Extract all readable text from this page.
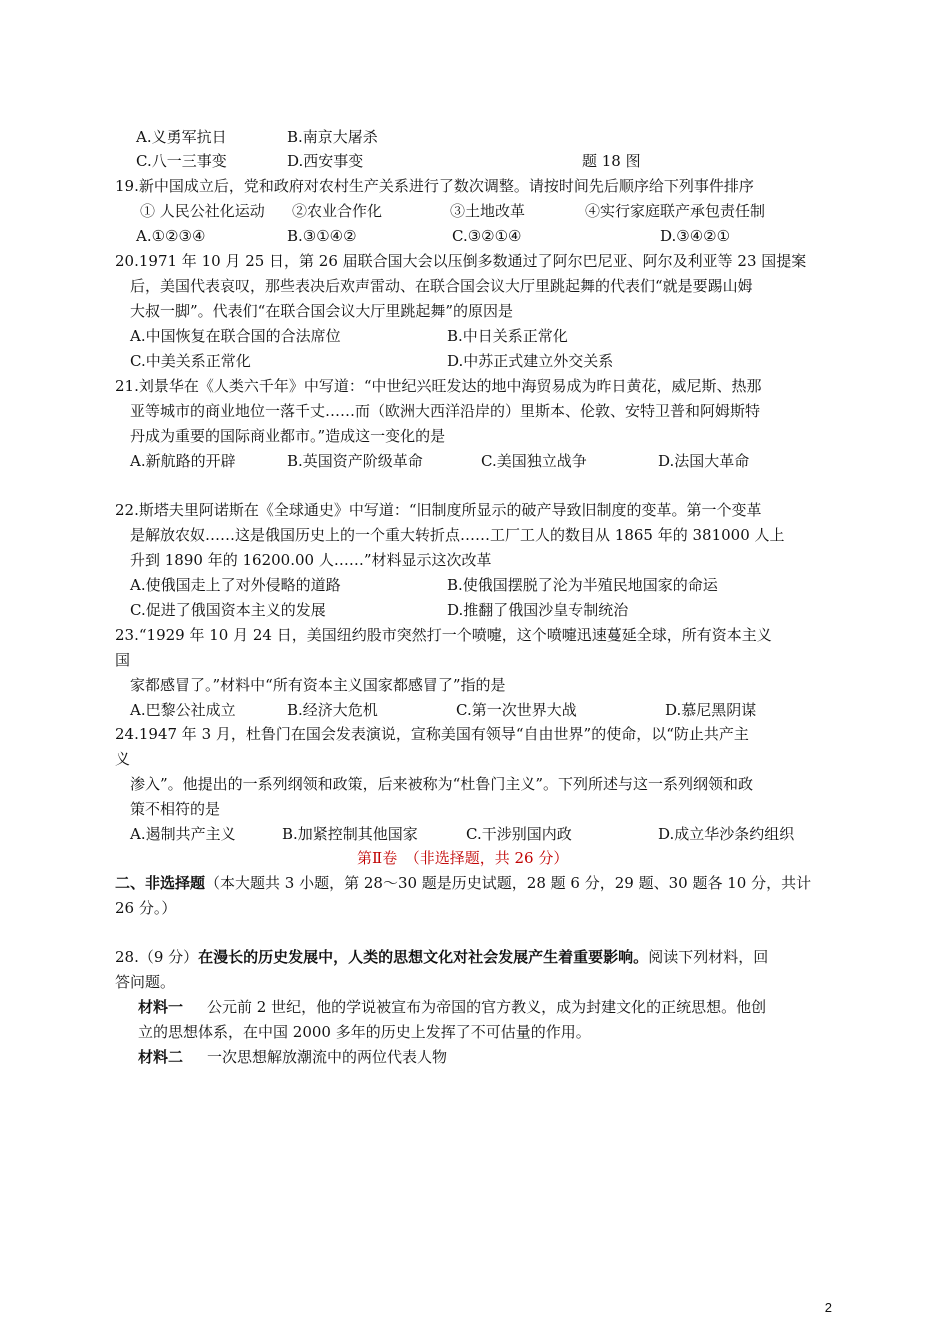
A.义勇军抗日	B.南京大屠杀
C.八一三事变	D.西安事变	题 18 图
19.新中国成立后，党和政府对农村生产关系进行了数次调整。请按时间先后顺序给下列事件排序
① 人民公社化运动 ②农业合作化	③土地改革	④实行家庭联产承包责任制
A.①②③④	B.③①④②	C.③②①④	D.③④②①
20.1971 年 10 月 25 日，第 26 届联合国大会以压倒多数通过了阿尔巴尼亚、阿尔及利亚等 23 国提案
后，美国代表哀叹，那些表决后欢声雷动、在联合国会议大厅里跳起舞的代表们“就是要踢山姆
大叔一脚”。代表们“在联合国会议大厅里跳起舞”的原因是
A.中国恢复在联合国的合法席位	B.中日关系正常化
C.中美关系正常化	D.中苏正式建立外交关系
21.刘景华在《人类六千年》中写道：“中世纪兴旺发达的地中海贸易成为昨日黄花，威尼斯、热那
亚等城市的商业地位一落千丈……而（欧洲大西洋沿岸的）里斯本、伦敦、安特卫普和阿姆斯特
丹成为重要的国际商业都市。”造成这一变化的是
A.新航路的开辟	B.英国资产阶级革命	C.美国独立战争	D.法国大革命
22.斯塔夫里阿诺斯在《全球通史》中写道：“旧制度所显示的破产导致旧制度的变革。第一个变革
是解放农奴……这是俄国历史上的一个重大转折点……工厂工人的数目从 1865 年的 381000 人上
升到 1890 年的 16200.00 人……”材料显示这次改革
A.使俄国走上了对外侵略的道路	B.使俄国摆脱了沦为半殖民地国家的命运
C.促进了俄国资本主义的发展	D.推翻了俄国沙皇专制统治
23.“1929 年 10 月 24 日，美国纽约股市突然打一个喷嚏，这个喷嚏迅速蔓延全球，所有资本主义
国
家都感冒了。”材料中“所有资本主义国家都感冒了”指的是
A.巴黎公社成立	B.经济大危机	C.第一次世界大战	D.慕尼黑阴谋
24.1947 年 3 月，杜鲁门在国会发表演说，宣称美国有领导“自由世界”的使命，以“防止共产主
义
渗入”。他提出的一系列纲领和政策，后来被称为“杜鲁门主义”。下列所述与这一系列纲领和政
策不相符的是
A.遏制共产主义	B.加紧控制其他国家	C.干涉别国内政	D.成立华沙条约组织
第Ⅱ卷　（非选择题，共 26 分）
二、非选择题（本大题共 3 小题，第 28～30 题是历史试题，28 题 6 分，29 题、30 题各 10 分，共计
26 分。）
28.（9 分）在漫长的历史发展中，人类的思想文化对社会发展产生着重要影响。阅读下列材料，回
答问题。
材料一 公元前 2 世纪，他的学说被宣布为帝国的官方教义，成为封建文化的正统思想。他创
立的思想体系，在中国 2000 多年的历史上发挥了不可估量的作用。
材料二 一次思想解放潮流中的两位代表人物
2
